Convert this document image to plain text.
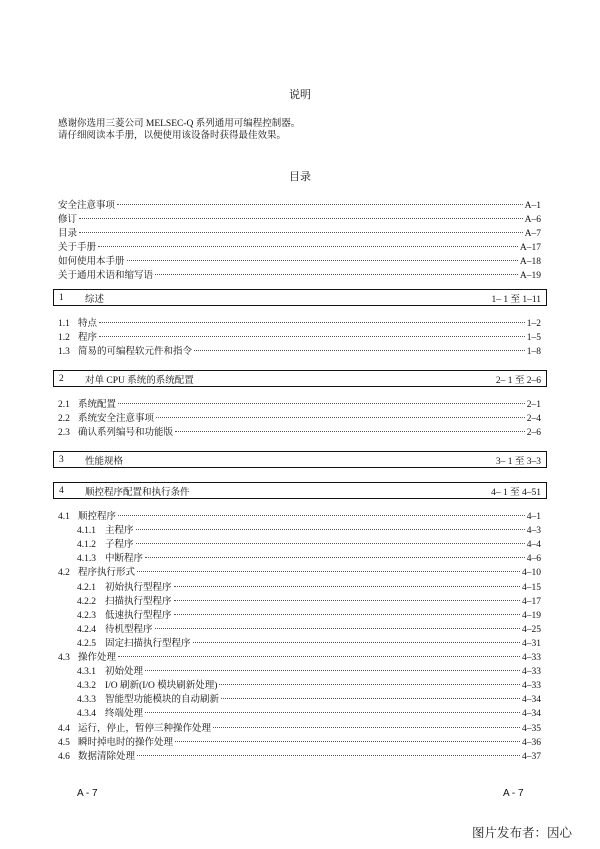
说明
感谢你选用三菱公司 MELSEC-Q 系列通用可编程控制器。
请仔细阅读本手册，以便使用该设备时获得最佳效果。
目录
安全注意事项	A–1
修订	A–6
目录	A–7
关于手册	A–17
如何使用本手册	A–18
关于通用术语和缩写语	A–19
1	综述	1– 1 至 1–11
1.1 特点	1–2
1.2 程序	1–5
1.3 简易的可编程软元件和指令	1–8
2	对单 CPU 系统的系统配置	2– 1 至 2–6
2.1 系统配置	2–1
2.2 系统安全注意事项	2–4
2.3 确认系列编号和功能版	2–6
3	性能规格	3– 1 至 3–3
4	顺控程序配置和执行条件	4– 1 至 4–51
4.1 顺控程序	4–1
4.1.1 主程序	4–3
4.1.2 子程序	4–4
4.1.3 中断程序	4–6
4.2 程序执行形式	4–10
4.2.1 初始执行型程序	4–15
4.2.2 扫描执行型程序	4–17
4.2.3 低速执行型程序	4–19
4.2.4 待机型程序	4–25
4.2.5 固定扫描执行型程序	4–31
4.3 操作处理	4–33
4.3.1 初始处理	4–33
4.3.2 I/O 刷新(I/O 模块刷新处理)	4–33
4.3.3 智能型功能模块的自动刷新	4–34
4.3.4 终端处理	4–34
4.4 运行，停止，暂停三种操作处理	4–35
4.5 瞬时掉电时的操作处理	4–36
4.6 数据清除处理	4–37
A - 7	A - 7
图片发布者：因心
